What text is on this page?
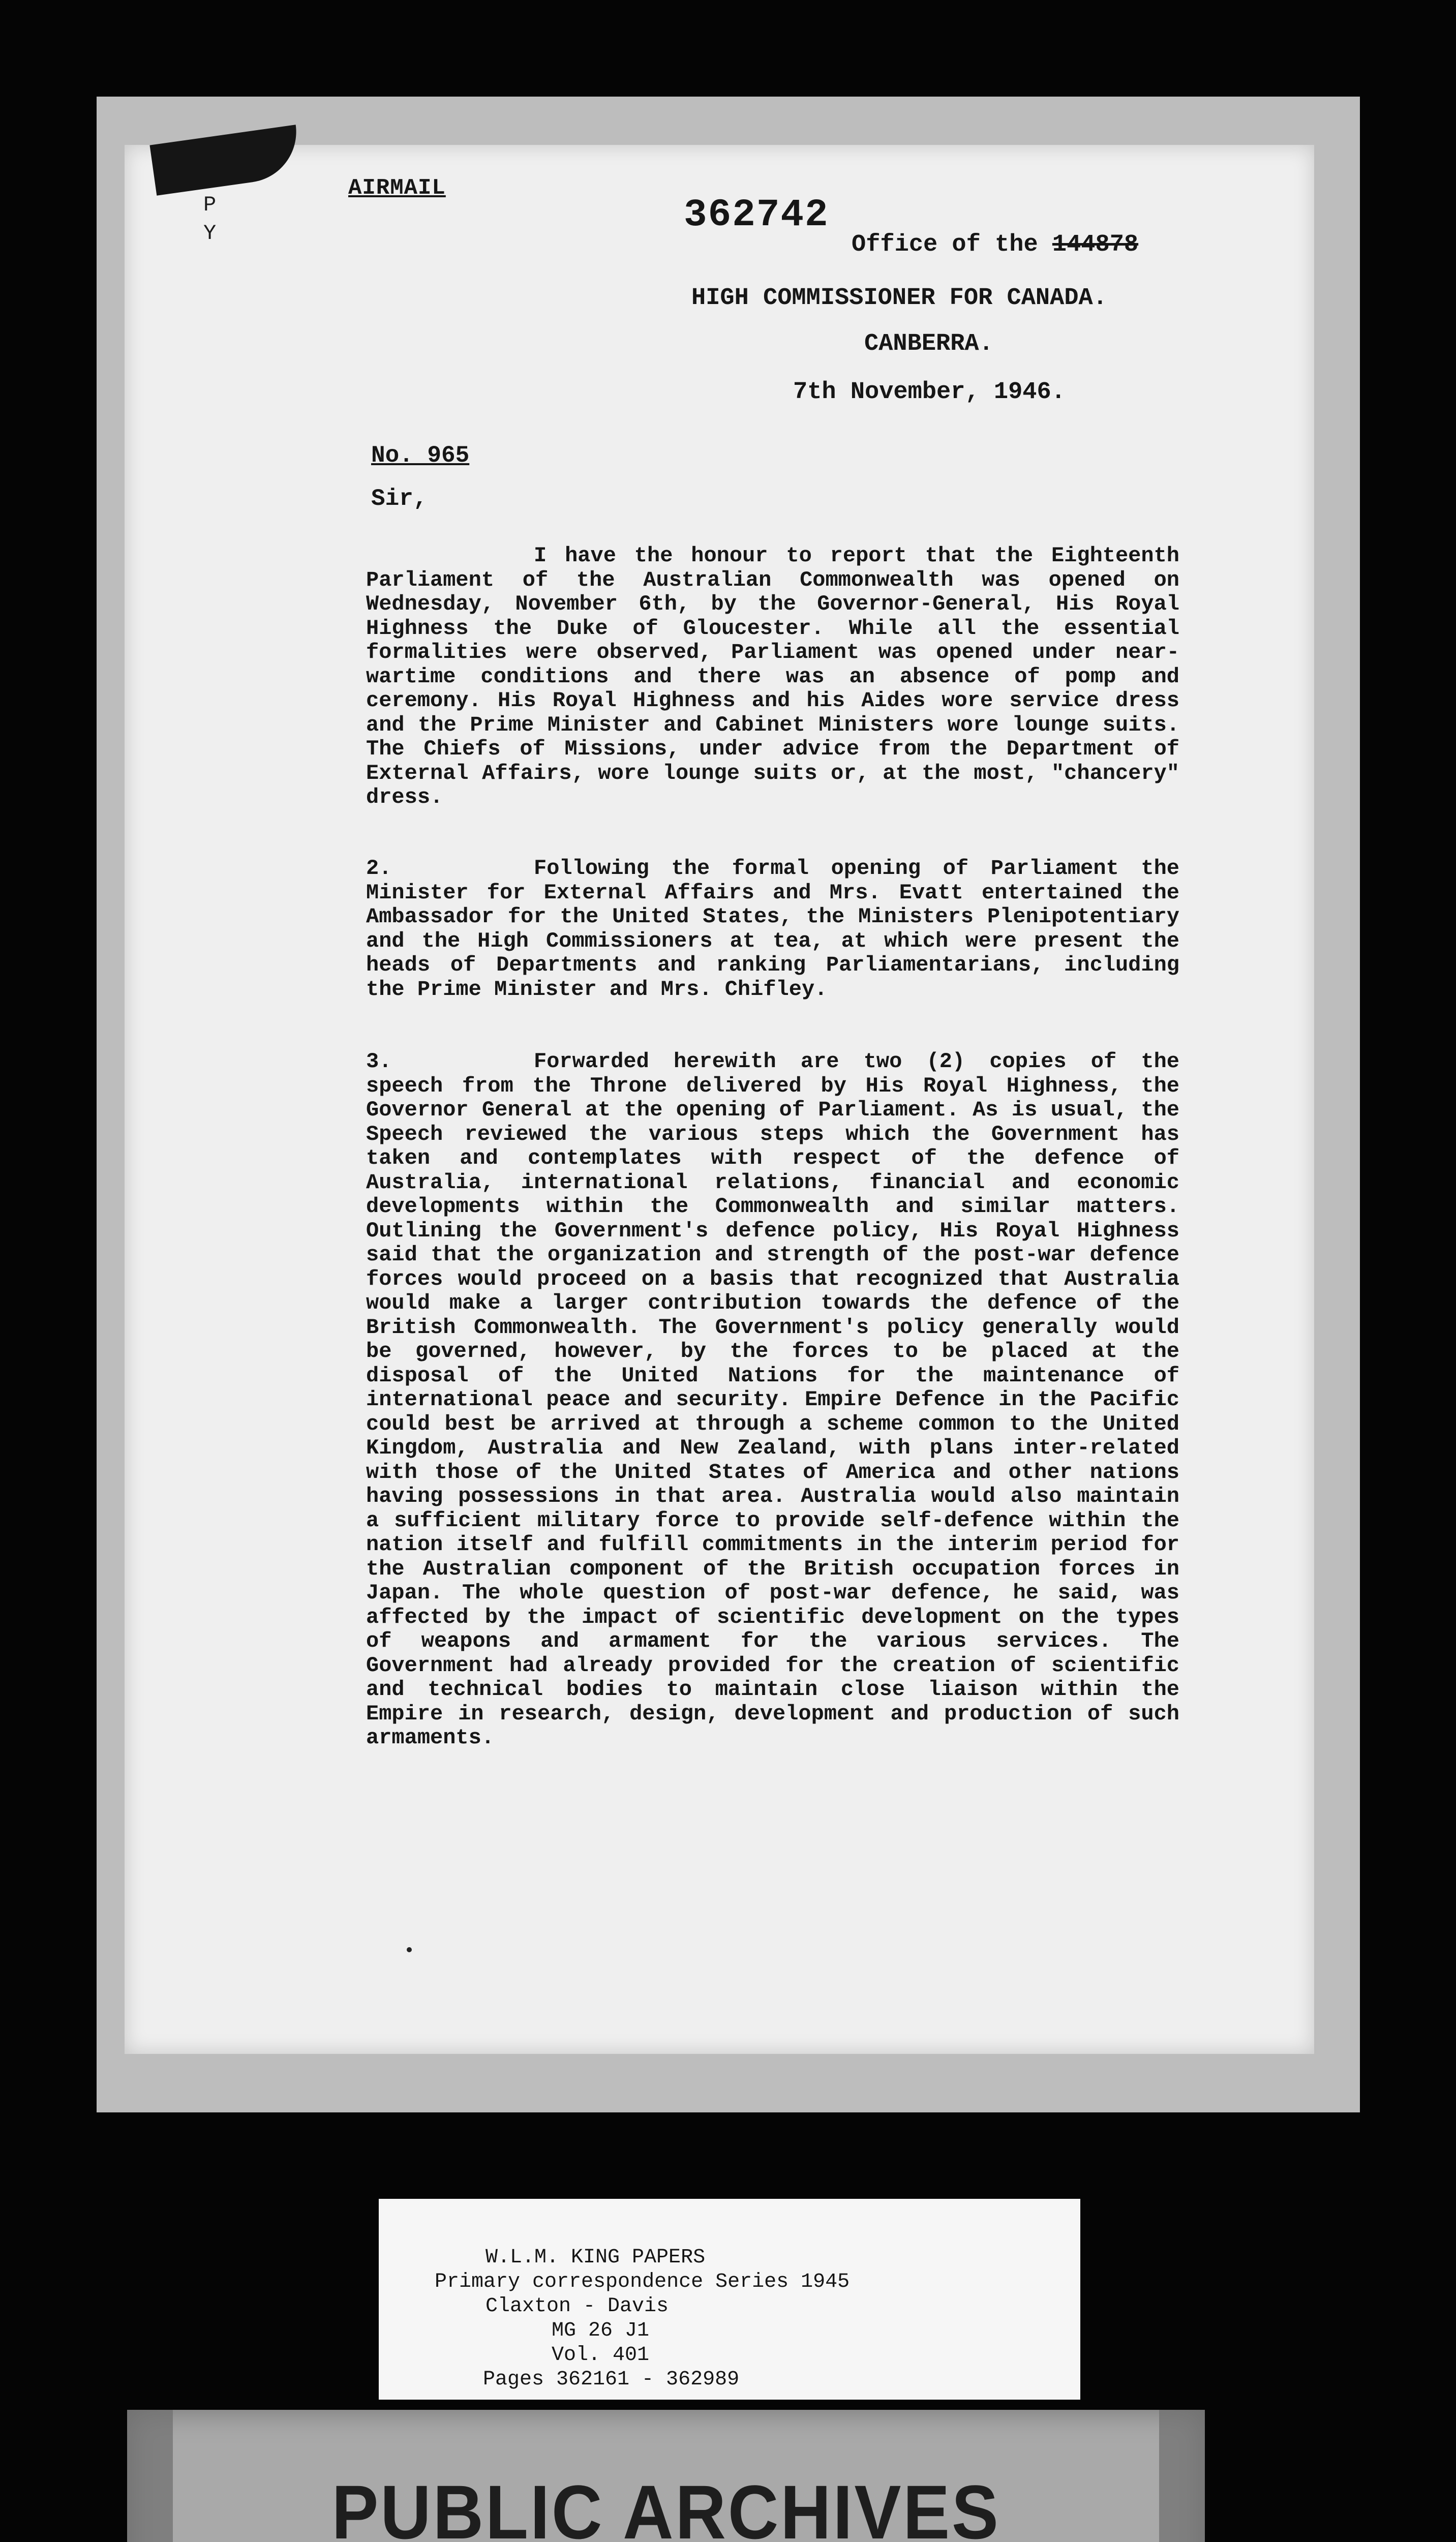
P
Y
AIRMAIL
362742
Office of the 144878
HIGH COMMISSIONER FOR CANADA.
CANBERRA.
7th November, 1946.
No. 965
Sir,

I have the honour to report that the Eighteenth Parliament of the Australian Commonwealth was opened on Wednesday, November 6th, by the Governor-General, His Royal Highness the Duke of Gloucester. While all the essential formalities were observed, Parliament was opened under near-wartime conditions and there was an absence of pomp and ceremony. His Royal Highness and his Aides wore service dress and the Prime Minister and Cabinet Ministers wore lounge suits. The Chiefs of Missions, under advice from the Department of External Affairs, wore lounge suits or, at the most, "chancery" dress.

2.	Following the formal opening of Parliament the Minister for External Affairs and Mrs. Evatt entertained the Ambassador for the United States, the Ministers Plenipotentiary and the High Commissioners at tea, at which were present the heads of Departments and ranking Parliamentarians, including the Prime Minister and Mrs. Chifley.

3.	Forwarded herewith are two (2) copies of the speech from the Throne delivered by His Royal Highness, the Governor General at the opening of Parliament. As is usual, the Speech reviewed the various steps which the Government has taken and contemplates with respect of the defence of Australia, international relations, financial and economic developments within the Commonwealth and similar matters. Outlining the Government's defence policy, His Royal Highness said that the organization and strength of the post-war defence forces would proceed on a basis that recognized that Australia would make a larger contribution towards the defence of the British Commonwealth. The Government's policy generally would be governed, however, by the forces to be placed at the disposal of the United Nations for the maintenance of international peace and security. Empire Defence in the Pacific could best be arrived at through a scheme common to the United Kingdom, Australia and New Zealand, with plans inter-related with those of the United States of America and other nations having possessions in that area. Australia would also maintain a sufficient military force to provide self-defence within the nation itself and fulfill commitments in the interim period for the Australian component of the British occupation forces in Japan. The whole question of post-war defence, he said, was affected by the impact of scientific development on the types of weapons and armament for the various services. The Government had already provided for the creation of scientific and technical bodies to maintain close liaison within the Empire in research, design, development and production of such armaments.

W.L.M. KING PAPERS
Primary correspondence Series 1945
Claxton - Davis
MG 26 J1
Vol. 401
Pages 362161 - 362989
PUBLIC ARCHIVES
